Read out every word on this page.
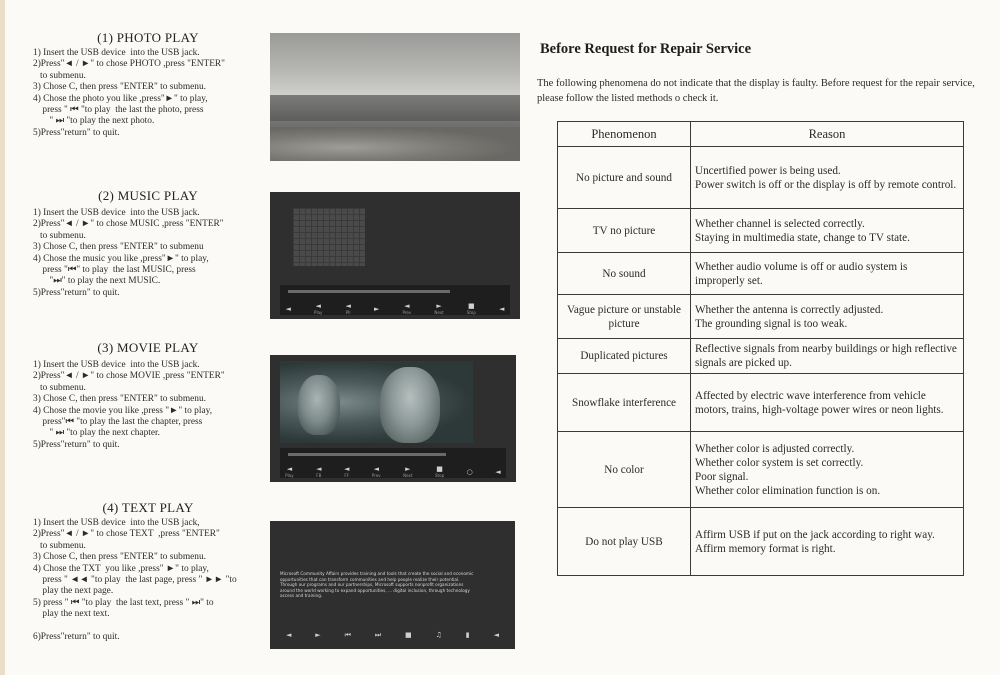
(1) PHOTO PLAY

1) Insert the USB device  into the USB jack.

2)Press"◄ / ►" to chose PHOTO ,press "ENTER"

to submenu.

3) Chose C, then press "ENTER" to submenu.

4) Chose the photo you like ,press"►" to play,

press " ⏮ "to play  the last the photo, press

" ⏭ "to play the next photo.

5)Press"return" to quit.

(2) MUSIC PLAY

1) Insert the USB device  into the USB jack.

2)Press"◄ / ►" to chose MUSIC ,press "ENTER"

to submenu.

3) Chose C, then press "ENTER" to submenu

4) Chose the music you like ,press"►" to play,

press "⏮" to play  the last MUSIC, press

"⏭" to play the next MUSIC.

5)Press"return" to quit.

◄	◄
Play
◄
Pll	►	◄
Prev
►
Next
■
Stop	◄
(3) MOVIE PLAY

1) Insert the USB device  into the USB jack.

2)Press"◄ / ►" to chose MOVIE ,press "ENTER"

to submenu.

3) Chose C, then press "ENTER" to submenu.

4) Chose the movie you like ,press "►" to play,

press"⏮ "to play the last the chapter, press

" ⏭ "to play the next chapter.

5)Press"return" to quit.

◄
Play
◄
FB
◄
FF
◄
Prev
►
Next
■
Stop	○	◄
(4) TEXT PLAY

1) Insert the USB device  into the USB jack,

2)Press"◄ / ►" to chose TEXT  ,press "ENTER"

to submenu.

3) Chose C, then press "ENTER" to submenu.

4) Chose the TXT  you like ,press" ►" to play,

press " ◄◄ "to play  the last page, press " ►► "to

play the next page.

5) press " ⏮ "to play  the last text, press " ⏭" to

play the next text.

6)Press"return" to quit.

Microsoft Community Affairs provides training and tools that create the social and economic opportunities that can transform communities and help people realize their potential. Through our programs and our partnerships, Microsoft supports nonprofit organizations around the world working to expand opportunities, ... digital inclusion, through technology access and training.
◄	►	⏮	⏭	■	♫	▮	◄
Before Request for Repair Service
The following phenomena do not indicate that the display is faulty. Before request for the repair service, please follow the listed methods o check it.
Phenomenon	Reason
No picture and sound	Uncertified power is being used.
Power switch is off or the display is off by remote control.

TV no picture	Whether channel is selected correctly.
Staying in multimedia state, change to TV state.

No sound	Whether audio volume is off or audio system is improperly set.

Vague picture or unstable picture	Whether the antenna is correctly adjusted.
The grounding signal is too weak.

Duplicated pictures	Reflective signals from nearby buildings or high reflective signals are picked up.

Snowflake interference	Affected by electric wave interference from vehicle motors, trains, high-voltage power wires or neon lights.

No color	Whether color is adjusted correctly.
Whether color system is set correctly.
Poor signal.
Whether color elimination function is on.

Do not play USB	Affirm USB if put on the jack according to right way.
Affirm memory format is right.
